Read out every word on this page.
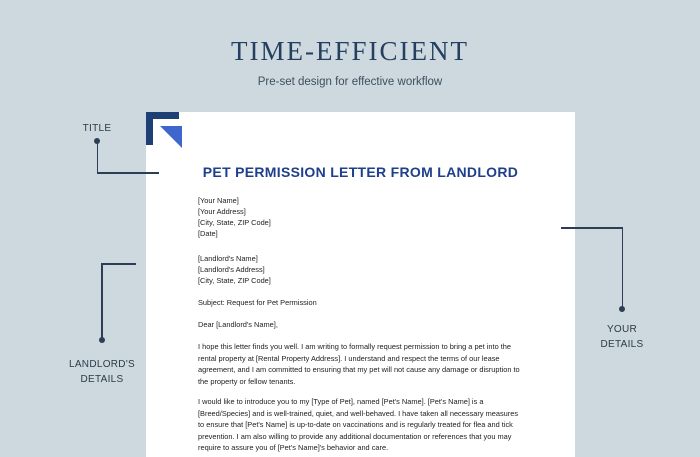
TIME-EFFICIENT
Pre-set design for effective workflow
PET PERMISSION LETTER FROM LANDLORD
[Your Name]
[Your Address]
[City, State, ZIP Code]
[Date]
[Landlord's Name]
[Landlord's Address]
[City, State, ZIP Code]
Subject: Request for Pet Permission
Dear [Landlord's Name],
I hope this letter finds you well. I am writing to formally request permission to bring a pet into the rental property at [Rental Property Address]. I understand and respect the terms of our lease agreement, and I am committed to ensuring that my pet will not cause any damage or disruption to the property or fellow tenants.
I would like to introduce you to my [Type of Pet], named [Pet's Name]. [Pet's Name] is a [Breed/Species] and is well-trained, quiet, and well-behaved. I have taken all necessary measures to ensure that [Pet's Name] is up-to-date on vaccinations and is regularly treated for flea and tick prevention. I am also willing to provide any additional documentation or references that you may require to assure you of [Pet's Name]'s behavior and care.
TITLE
LANDLORD'S
DETAILS
YOUR
DETAILS
